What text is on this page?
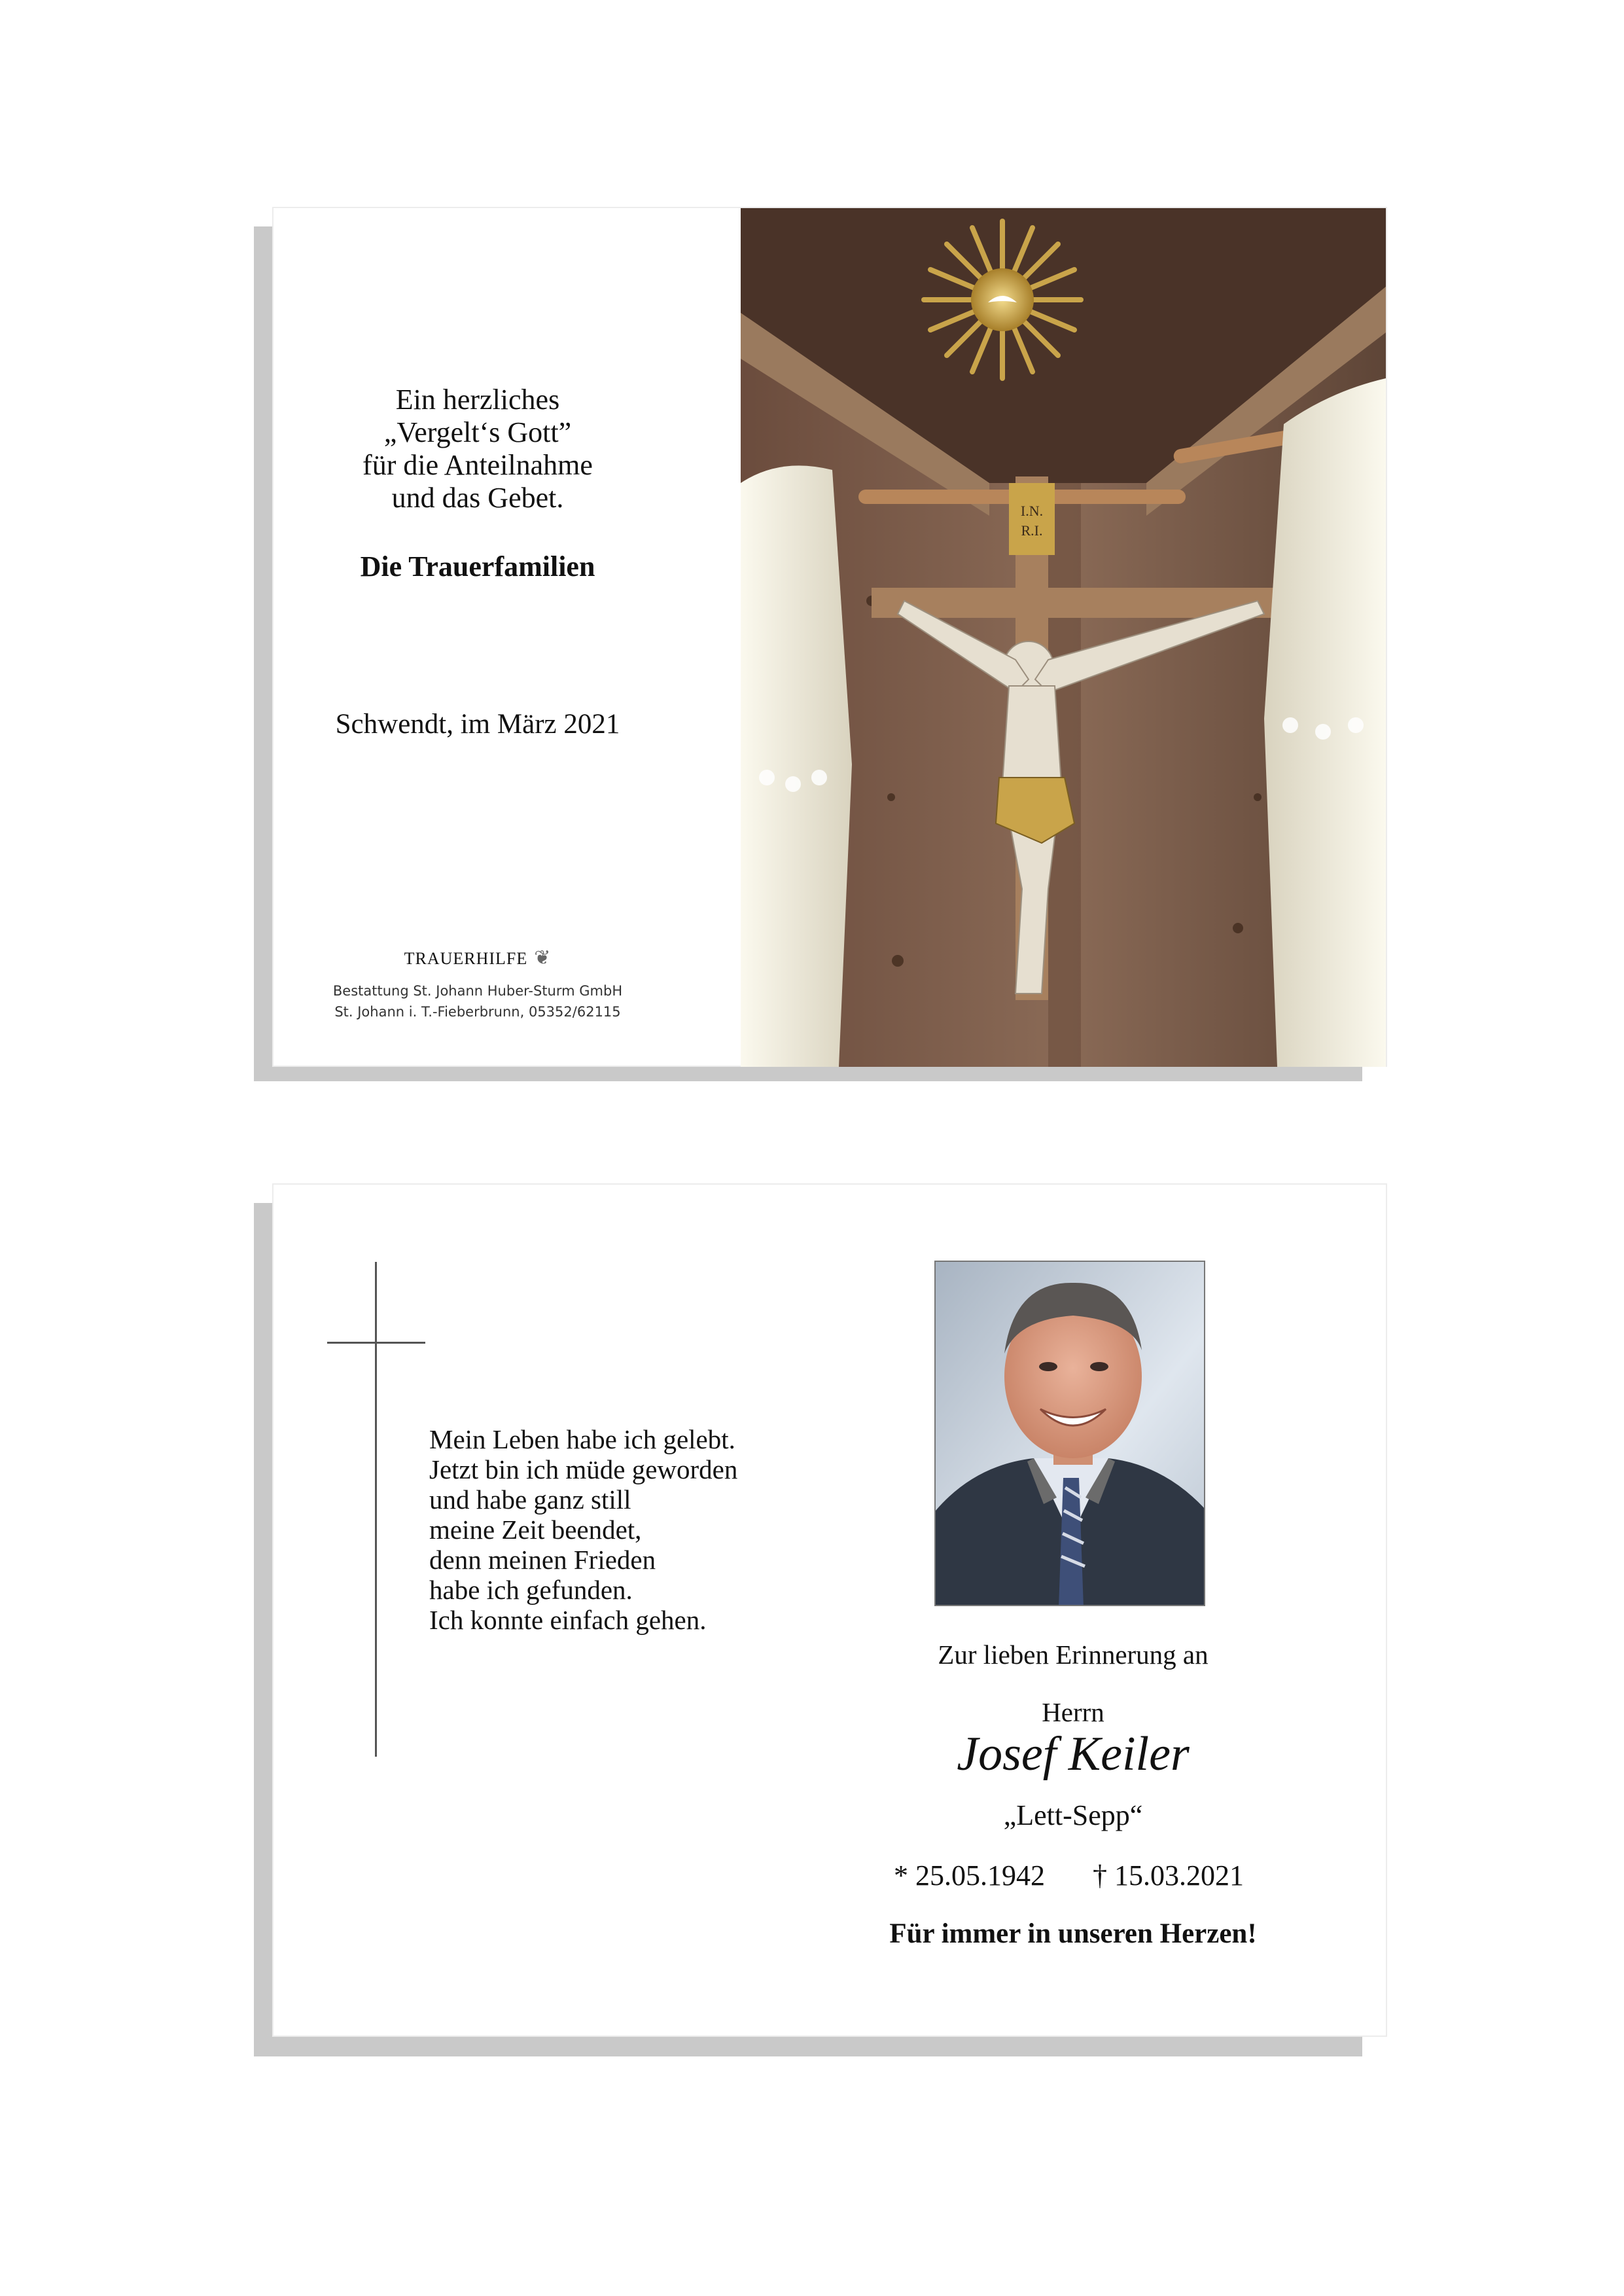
Ein herzliches
„Vergelt‘s Gott”
für die Anteilnahme
und das Gebet.
Die Trauerfamilien
Schwendt, im März 2021
TRAUERHILFE ❦
Bestattung St. Johann Huber-Sturm GmbH
St. Johann i. T.-Fieberbrunn, 05352/62115
I.N.
R.I.
Mein Leben habe ich gelebt.
Jetzt bin ich müde geworden
und habe ganz still
meine Zeit beendet,
denn meinen Frieden
habe ich gefunden.
Ich konnte einfach gehen.
Zur lieben Erinnerung an
Herrn
Josef Keiler
„Lett-Sepp“
* 25.05.1942 † 15.03.2021
Für immer in unseren Herzen!
